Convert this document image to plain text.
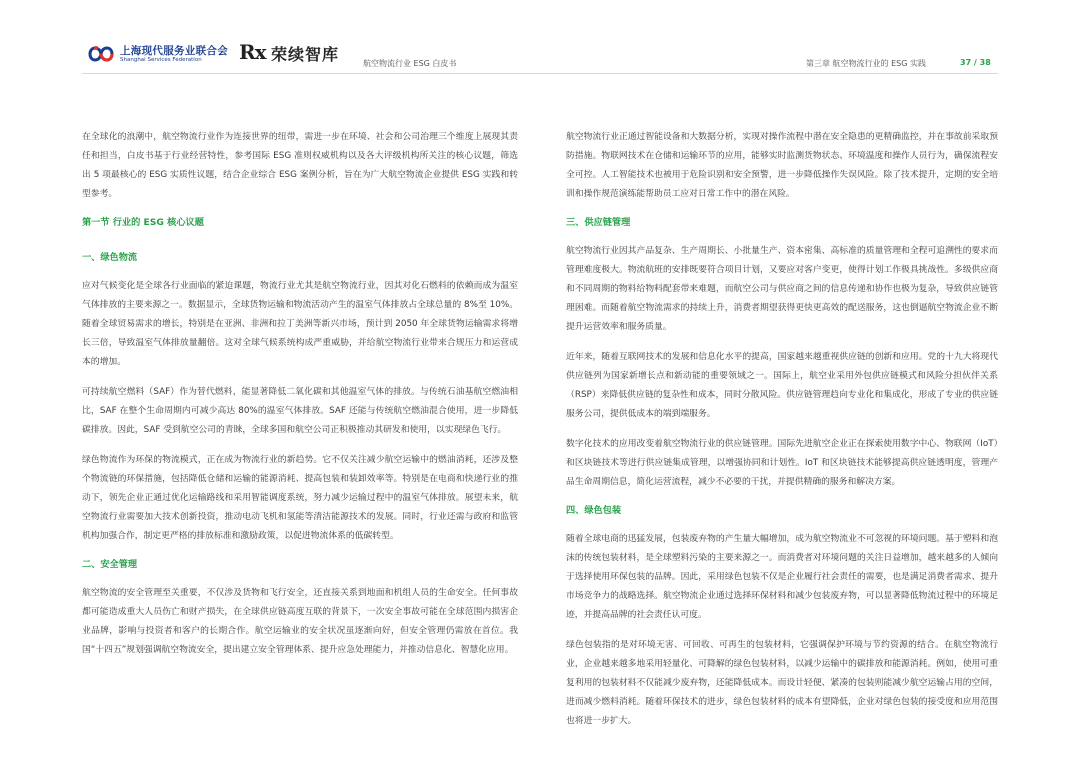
上海现代服务业联合会
Shanghai Services Federation Rx 荣续智库	航空物流行业 ESG 白皮书	第三章 航空物流行业的 ESG 实践	37 / 38

在全球化的浪潮中，航空物流行业作为连接世界的纽带，需进一步在环境、社会和公司治理三个维度上展现其责任和担当，白皮书基于行业经营特性，参考国际 ESG 准则权威机构以及各大评级机构所关注的核心议题，筛选出 5 项最核心的 ESG 实质性议题，结合企业综合 ESG 案例分析，旨在为广大航空物流企业提供 ESG 实践和转型参考。

第一节 行业的 ESG 核心议题
一、绿色物流

应对气候变化是全球各行业面临的紧迫课题，物流行业尤其是航空物流行业，因其对化石燃料的依赖而成为温室气体排放的主要来源之一。数据显示，全球货物运输和物流活动产生的温室气体排放占全球总量的 8%至 10%。随着全球贸易需求的增长，特别是在亚洲、非洲和拉丁美洲等新兴市场，预计到 2050 年全球货物运输需求将增长三倍，导致温室气体排放量翻倍。这对全球气候系统构成严重威胁，并给航空物流行业带来合规压力和运营成本的增加。

可持续航空燃料（SAF）作为替代燃料，能显著降低二氧化碳和其他温室气体的排放。与传统石油基航空燃油相比，SAF 在整个生命周期内可减少高达 80%的温室气体排放。SAF 还能与传统航空燃油混合使用，进一步降低碳排放。因此，SAF 受到航空公司的青睐，全球多国和航空公司正积极推动其研发和使用，以实现绿色飞行。

绿色物流作为环保的物流模式，正在成为物流行业的新趋势。它不仅关注减少航空运输中的燃油消耗，还涉及整个物流链的环保措施，包括降低仓储和运输的能源消耗、提高包装和装卸效率等。特别是在电商和快递行业的推动下，领先企业正通过优化运输路线和采用智能调度系统，努力减少运输过程中的温室气体排放。展望未来，航空物流行业需要加大技术创新投资，推动电动飞机和氢能等清洁能源技术的发展。同时，行业还需与政府和监管机构加强合作，制定更严格的排放标准和激励政策，以促进物流体系的低碳转型。

二、安全管理

航空物流的安全管理至关重要，不仅涉及货物和飞行安全，还直接关系到地面和机组人员的生命安全。任何事故都可能造成重大人员伤亡和财产损失，在全球供应链高度互联的背景下，一次安全事故可能在全球范围内损害企业品牌，影响与投资者和客户的长期合作。航空运输业的安全状况虽逐渐向好，但安全管理仍需放在首位。我国“十四五”规划强调航空物流安全，提出建立安全管理体系、提升应急处理能力，并推动信息化、智慧化应用。

航空物流行业正通过智能设备和大数据分析，实现对操作流程中潜在安全隐患的更精确监控，并在事故前采取预防措施。物联网技术在仓储和运输环节的应用，能够实时监测货物状态、环境温度和操作人员行为，确保流程安全可控。人工智能技术也被用于危险识别和安全预警，进一步降低操作失误风险。除了技术提升，定期的安全培训和操作规范演练能帮助员工应对日常工作中的潜在风险。

三、供应链管理

航空物流行业因其产品复杂、生产周期长、小批量生产、资本密集、高标准的质量管理和全程可追溯性的要求而管理难度极大。物流航班的安排既要符合项目计划，又要应对客户变更，使得计划工作极具挑战性。多级供应商和不同周期的物料给物料配套带来难题，而航空公司与供应商之间的信息传递和协作也极为复杂，导致供应链管理困难。而随着航空物流需求的持续上升，消费者期望获得更快更高效的配送服务，这也倒逼航空物流企业不断提升运营效率和服务质量。

近年来，随着互联网技术的发展和信息化水平的提高，国家越来越重视供应链的创新和应用。党的十九大将现代供应链列为国家新增长点和新动能的重要领域之一。国际上，航空业采用外包供应链模式和风险分担伙伴关系（RSP）来降低供应链的复杂性和成本，同时分散风险。供应链管理趋向专业化和集成化，形成了专业的供应链服务公司，提供低成本的端到端服务。

数字化技术的应用改变着航空物流行业的供应链管理。国际先进航空企业正在探索使用数字中心、物联网（IoT）和区块链技术等进行供应链集成管理，以增强协同和计划性。IoT 和区块链技术能够提高供应链透明度，管理产品生命周期信息，简化运营流程，减少不必要的干扰，并提供精确的服务和解决方案。

四、绿色包装

随着全球电商的迅猛发展，包装废弃物的产生量大幅增加，成为航空物流业不可忽视的环境问题。基于塑料和泡沫的传统包装材料，是全球塑料污染的主要来源之一。而消费者对环境问题的关注日益增加，越来越多的人倾向于选择使用环保包装的品牌。因此，采用绿色包装不仅是企业履行社会责任的需要，也是满足消费者需求、提升市场竞争力的战略选择。航空物流企业通过选择环保材料和减少包装废弃物，可以显著降低物流过程中的环境足迹，并提高品牌的社会责任认可度。

绿色包装指的是对环境无害、可回收、可再生的包装材料，它强调保护环境与节约资源的结合。在航空物流行业，企业越来越多地采用轻量化、可降解的绿色包装材料，以减少运输中的碳排放和能源消耗。例如，使用可重复利用的包装材料不仅能减少废弃物，还能降低成本。而设计轻便、紧凑的包装则能减少航空运输占用的空间，进而减少燃料消耗。随着环保技术的进步，绿色包装材料的成本有望降低，企业对绿色包装的接受度和应用范围也将进一步扩大。
